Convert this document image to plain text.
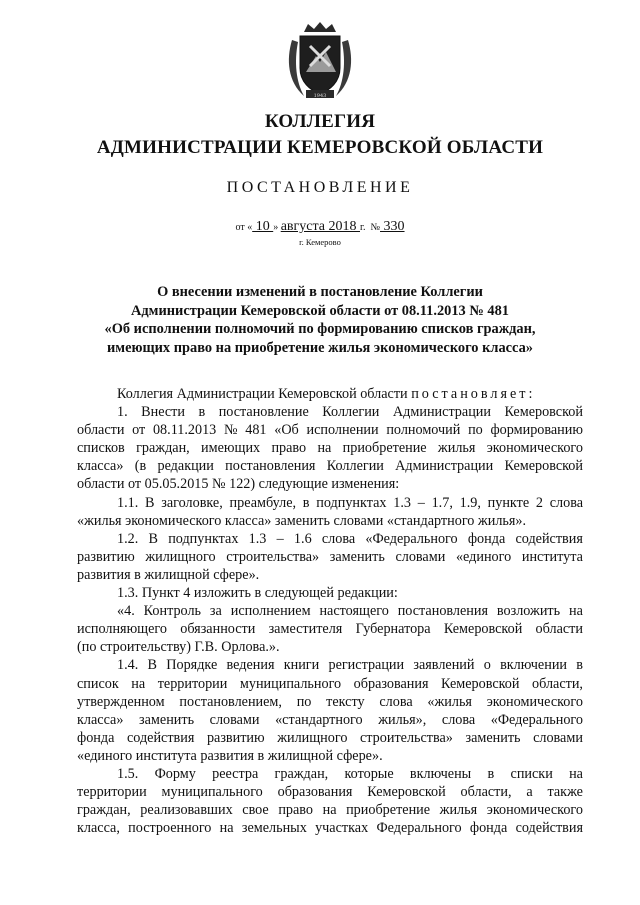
1943
КОЛЛЕГИЯ
АДМИНИСТРАЦИИ КЕМЕРОВСКОЙ ОБЛАСТИ
ПОСТАНОВЛЕНИЕ
от « 10 » августа 2018 г. № 330
г. Кемерово
О внесении изменений в постановление Коллегии
Администрации Кемеровской области от 08.11.2013 № 481
«Об исполнении полномочий по формированию списков граждан,
имеющих право на приобретение жилья экономического класса»
Коллегия Администрации Кемеровской области
постановляет:
1. Внести в постановление Коллегии Администрации Кемеровской
области от 08.11.2013 № 481 «Об исполнении полномочий по формированию
списков граждан, имеющих право на приобретение жилья экономического
класса» (в редакции постановления Коллегии Администрации Кемеровской
области от 05.05.2015 № 122) следующие изменения:
1.1. В заголовке, преамбуле, в подпунктах 1.3 – 1.7, 1.9, пункте 2 слова
«жилья экономического класса» заменить словами «стандартного жилья».
1.2. В подпунктах 1.3 – 1.6 слова «Федерального фонда содействия
развитию жилищного строительства» заменить словами «единого института
развития в жилищной сфере».
1.3. Пункт 4 изложить в следующей редакции:
«4. Контроль за исполнением настоящего постановления возложить на
исполняющего обязанности заместителя Губернатора Кемеровской области
(по строительству) Г.В. Орлова.».
1.4. В Порядке ведения книги регистрации заявлений о включении в
список на территории муниципального образования Кемеровской области,
утвержденном постановлением, по тексту слова «жилья экономического
класса» заменить словами «стандартного жилья», слова «Федерального
фонда содействия развитию жилищного строительства» заменить словами
«единого института развития в жилищной сфере».
1.5. Форму реестра граждан, которые включены в списки на
территории муниципального образования Кемеровской области, а также
граждан, реализовавших свое право на приобретение жилья экономического
класса, построенного на земельных участках Федерального фонда содействия
